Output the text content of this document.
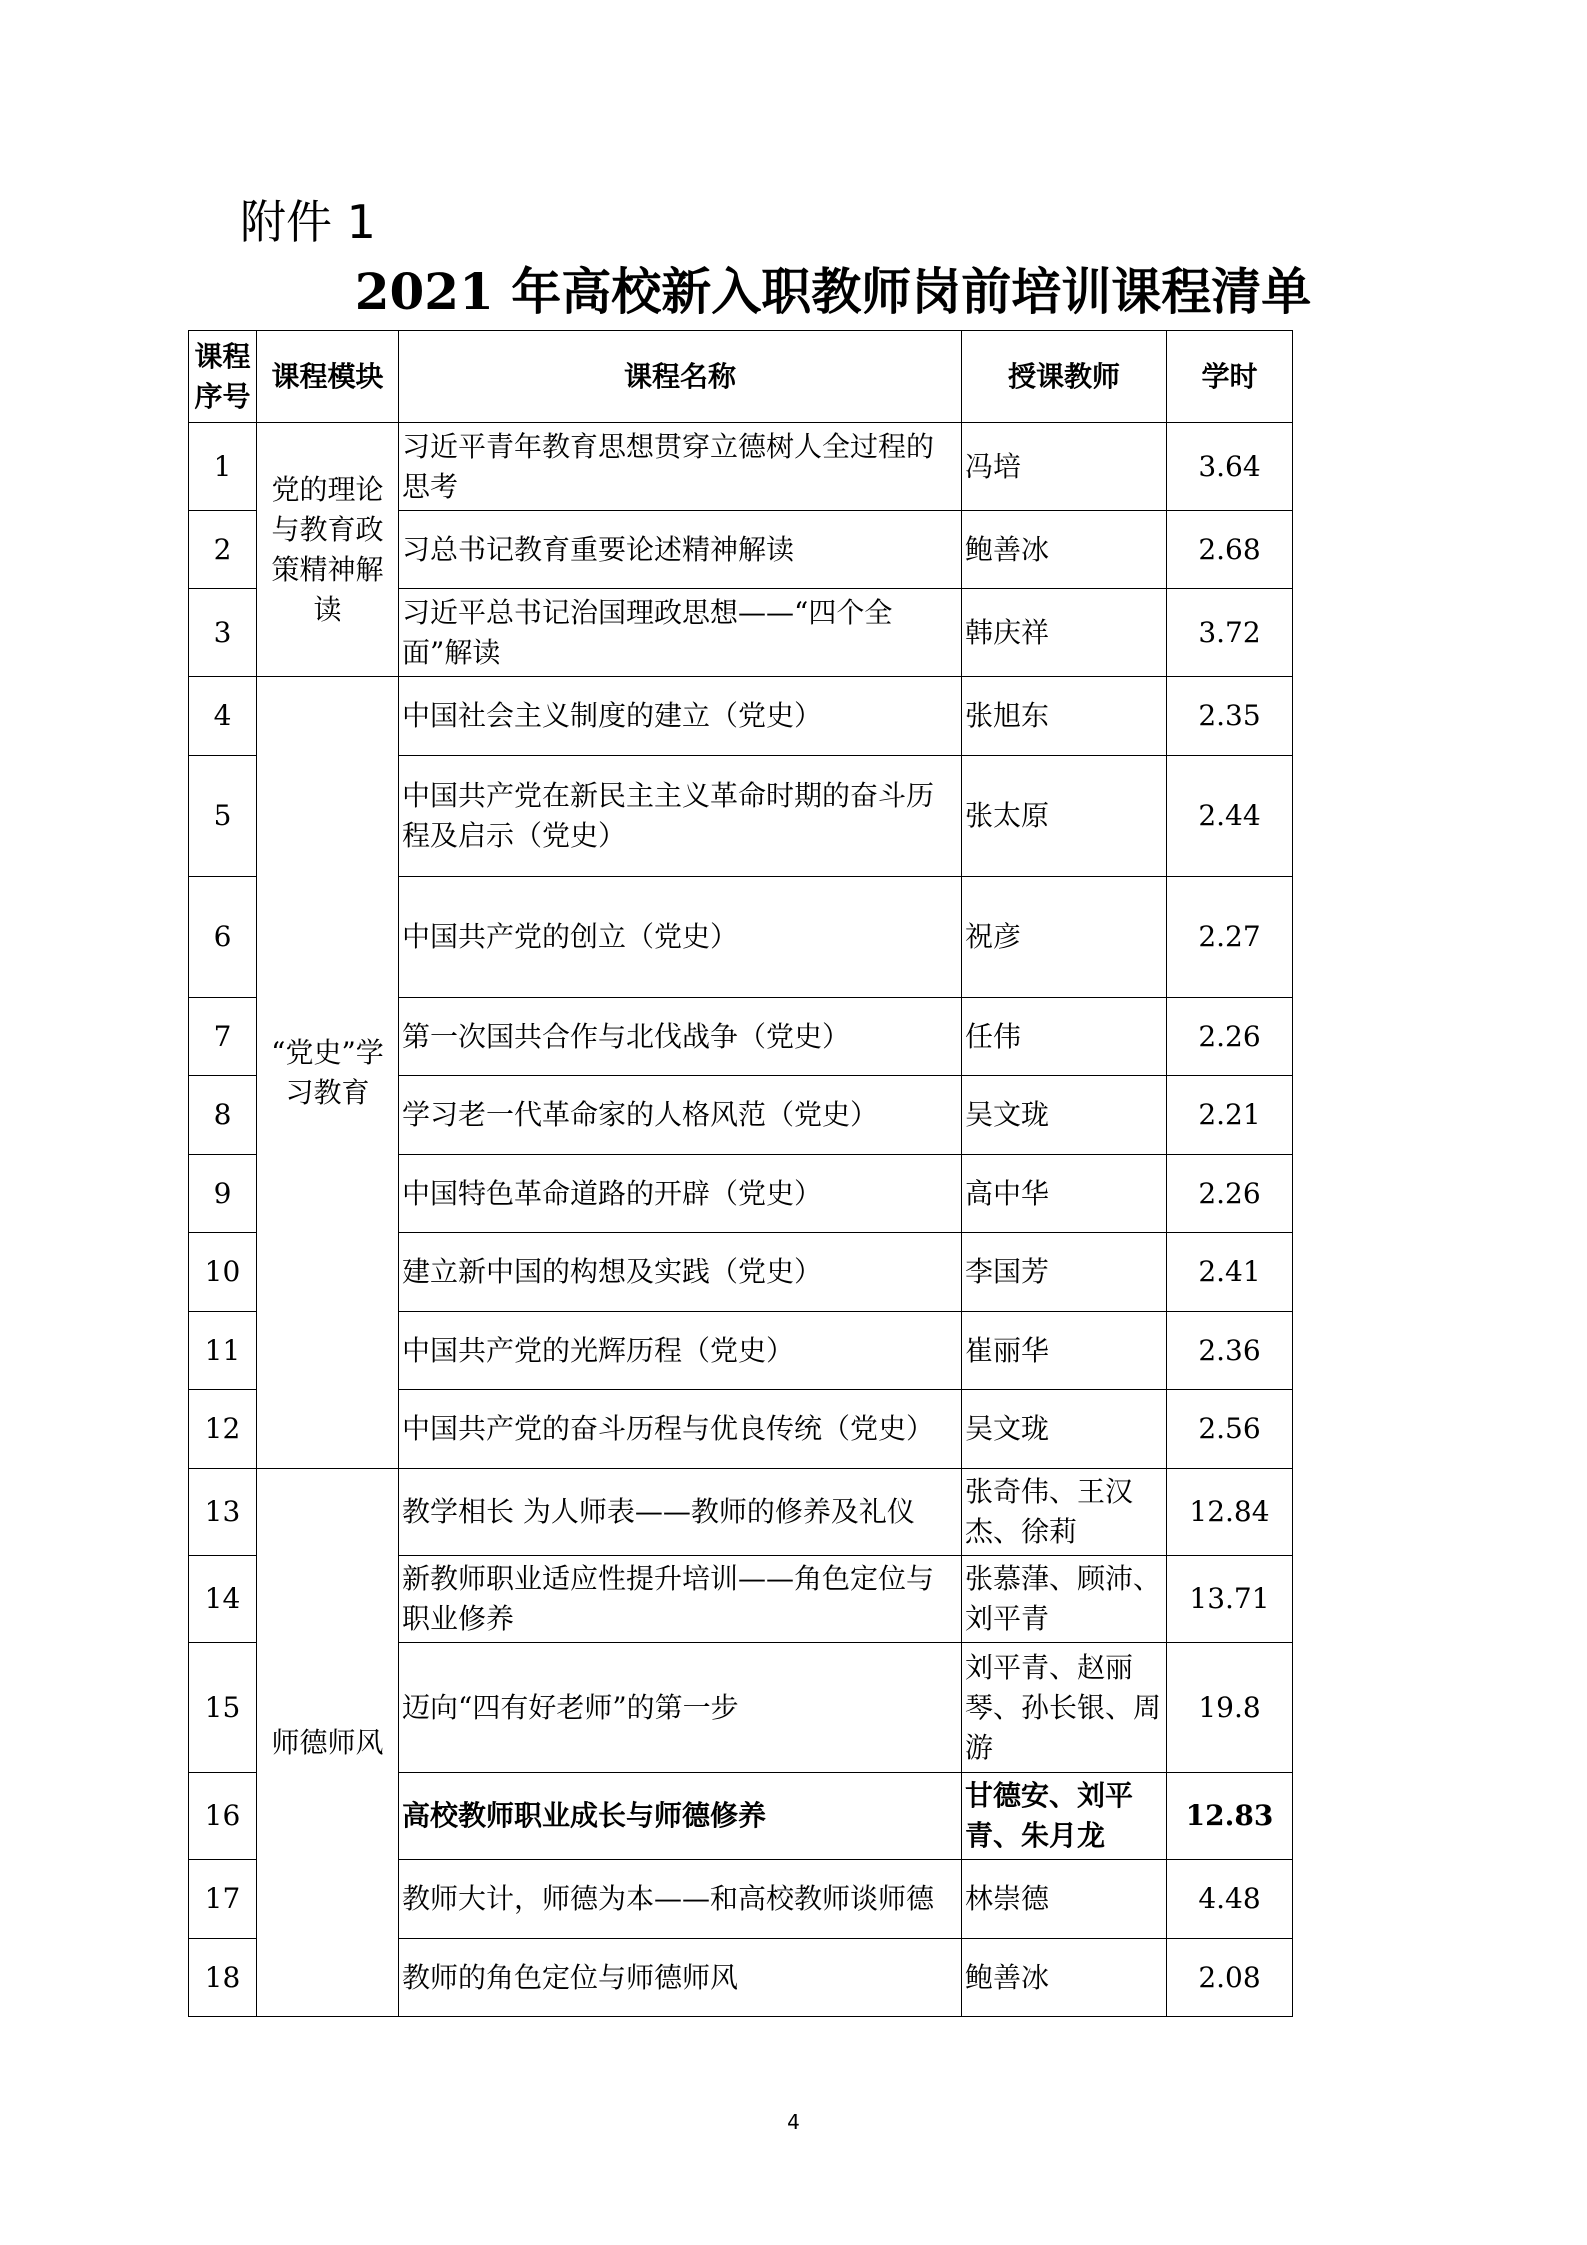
附件 1
2021 年高校新入职教师岗前培训课程清单
课程序号	课程模块	课程名称	授课教师	学时
1	党的理论与教育政策精神解读	习近平青年教育思想贯穿立德树人全过程的思考	冯培	3.64
2		习总书记教育重要论述精神解读	鲍善冰	2.68
3		习近平总书记治国理政思想——“四个全面”解读	韩庆祥	3.72
4	“党史”学习教育	中国社会主义制度的建立（党史）	张旭东	2.35
5		中国共产党在新民主主义革命时期的奋斗历程及启示（党史）	张太原	2.44
6		中国共产党的创立（党史）	祝彦	2.27
7		第一次国共合作与北伐战争（党史）	任伟	2.26
8		学习老一代革命家的人格风范（党史）	吴文珑	2.21
9		中国特色革命道路的开辟（党史）	高中华	2.26
10		建立新中国的构想及实践（党史）	李国芳	2.41
11		中国共产党的光辉历程（党史）	崔丽华	2.36
12		中国共产党的奋斗历程与优良传统（党史）	吴文珑	2.56
13	师德师风	教学相长 为人师表——教师的修养及礼仪	张奇伟、王汉杰、徐莉	12.84
14		新教师职业适应性提升培训——角色定位与职业修养	张慕葏、顾沛、刘平青	13.71
15		迈向“四有好老师”的第一步	刘平青、赵丽琴、孙长银、周游	19.8
16		高校教师职业成长与师德修养	甘德安、刘平青、朱月龙	12.83
17		教师大计，师德为本——和高校教师谈师德	林崇德	4.48
18		教师的角色定位与师德师风	鲍善冰	2.08
4
